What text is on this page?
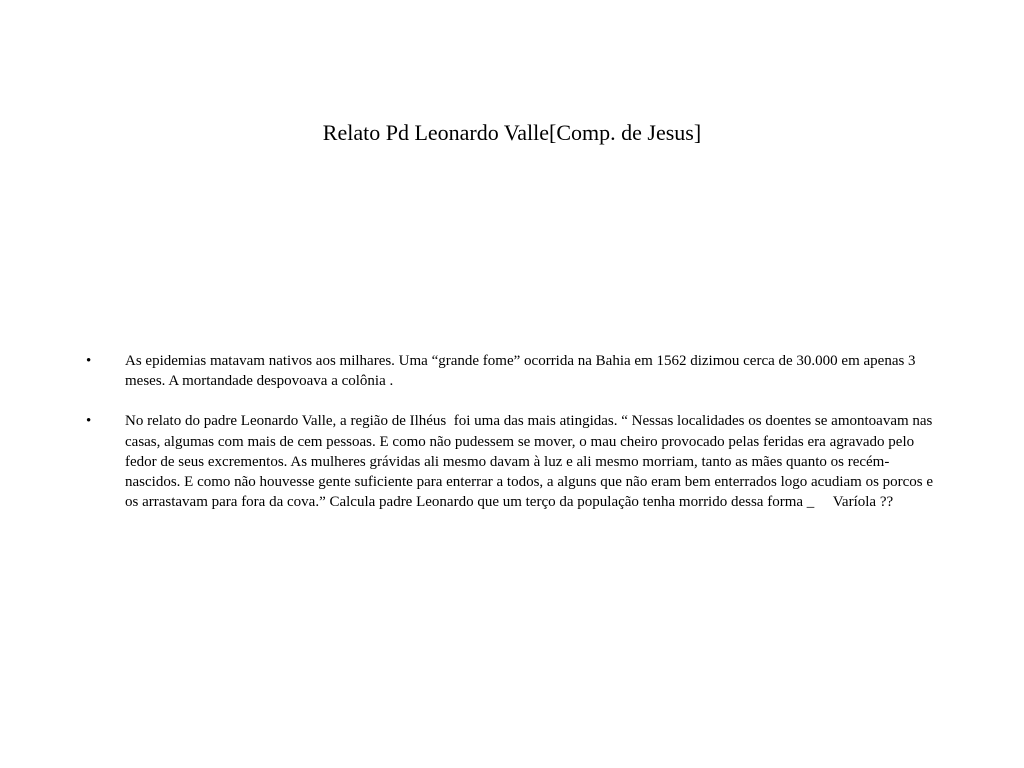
Relato Pd Leonardo Valle[Comp. de Jesus]
• As epidemias matavam nativos aos milhares. Uma “grande fome” ocorrida na Bahia em 1562 dizimou cerca de 30.000 em apenas 3 meses. A mortandade despovoava a colônia .
• No relato do padre Leonardo Valle, a região de Ilhéus  foi uma das mais atingidas. “ Nessas localidades os doentes se amontoavam nas casas, algumas com mais de cem pessoas. E como não pudessem se mover, o mau cheiro provocado pelas feridas era agravado pelo fedor de seus excrementos. As mulheres grávidas ali mesmo davam à luz e ali mesmo morriam, tanto as mães quanto os recém-nascidos. E como não houvesse gente suficiente para enterrar a todos, a alguns que não eram bem enterrados logo acudiam os porcos e os arrastavam para fora da cova.” Calcula padre Leonardo que um terço da população tenha morrido dessa forma _     Varíola ??
